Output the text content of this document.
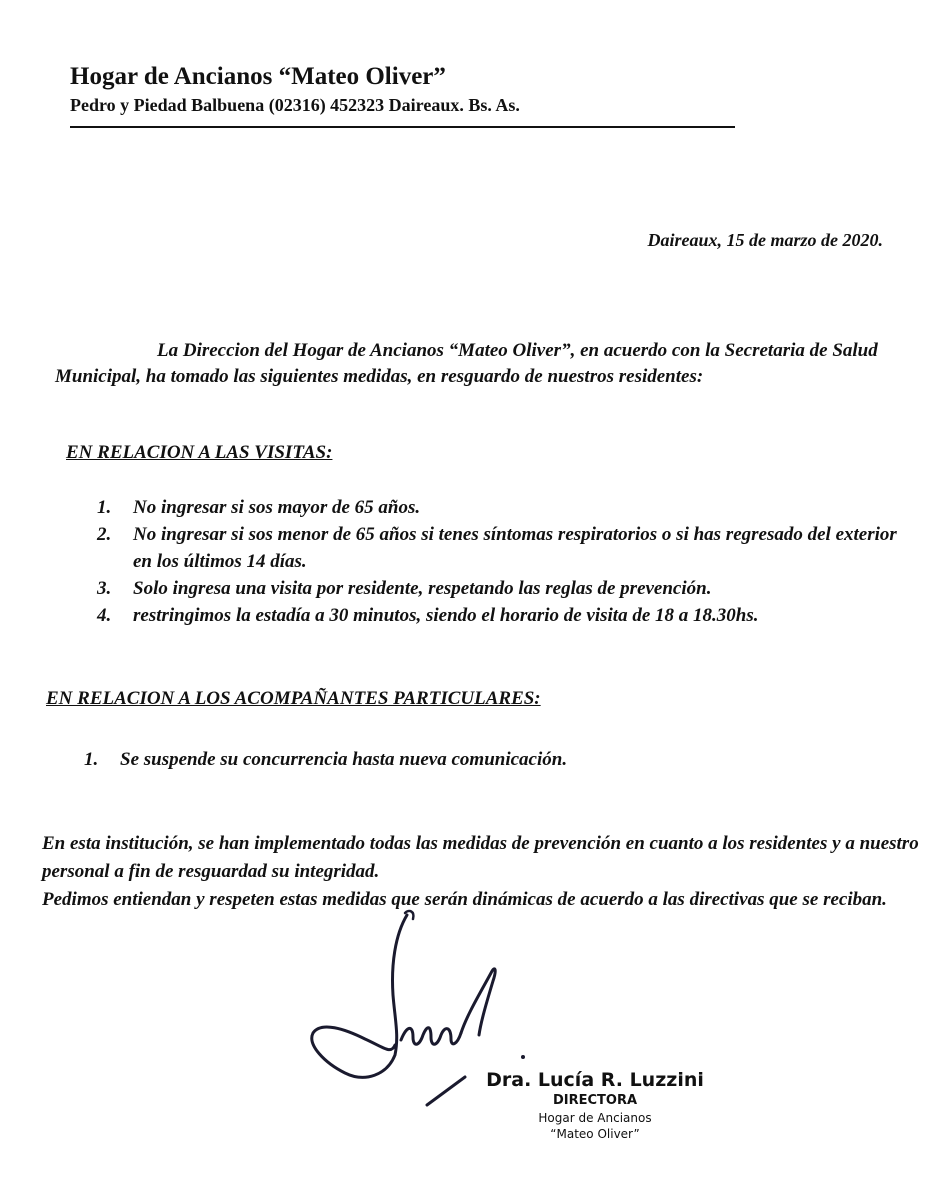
Hogar de Ancianos “Mateo Oliver”
Pedro y Piedad Balbuena (02316) 452323 Daireaux. Bs. As.
Daireaux, 15 de marzo de 2020.
La Direccion del Hogar de Ancianos “Mateo Oliver”, en acuerdo con la Secretaria de Salud Municipal, ha tomado las siguientes medidas, en resguardo de nuestros residentes:
EN RELACION A LAS VISITAS:
1. No ingresar si sos mayor de 65 años.
2. No ingresar si sos menor de 65 años si tenes síntomas respiratorios o si has regresado del exterior en los últimos 14 días.
3. Solo ingresa una visita por residente, respetando las reglas de prevención.
4. restringimos la estadía a 30 minutos, siendo el horario de visita de 18 a 18.30hs.
EN RELACION A LOS ACOMPAÑANTES PARTICULARES:
1. Se suspende su concurrencia hasta nueva comunicación.

En esta institución, se han implementado todas las medidas de prevención en cuanto a los residentes y a nuestro personal a fin de resguardad su integridad.

Pedimos entiendan y respeten estas medidas que serán dinámicas de acuerdo a las directivas que se reciban.

Dra. Lucía R. Luzzini
DIRECTORA
Hogar de Ancianos
“Mateo Oliver”
